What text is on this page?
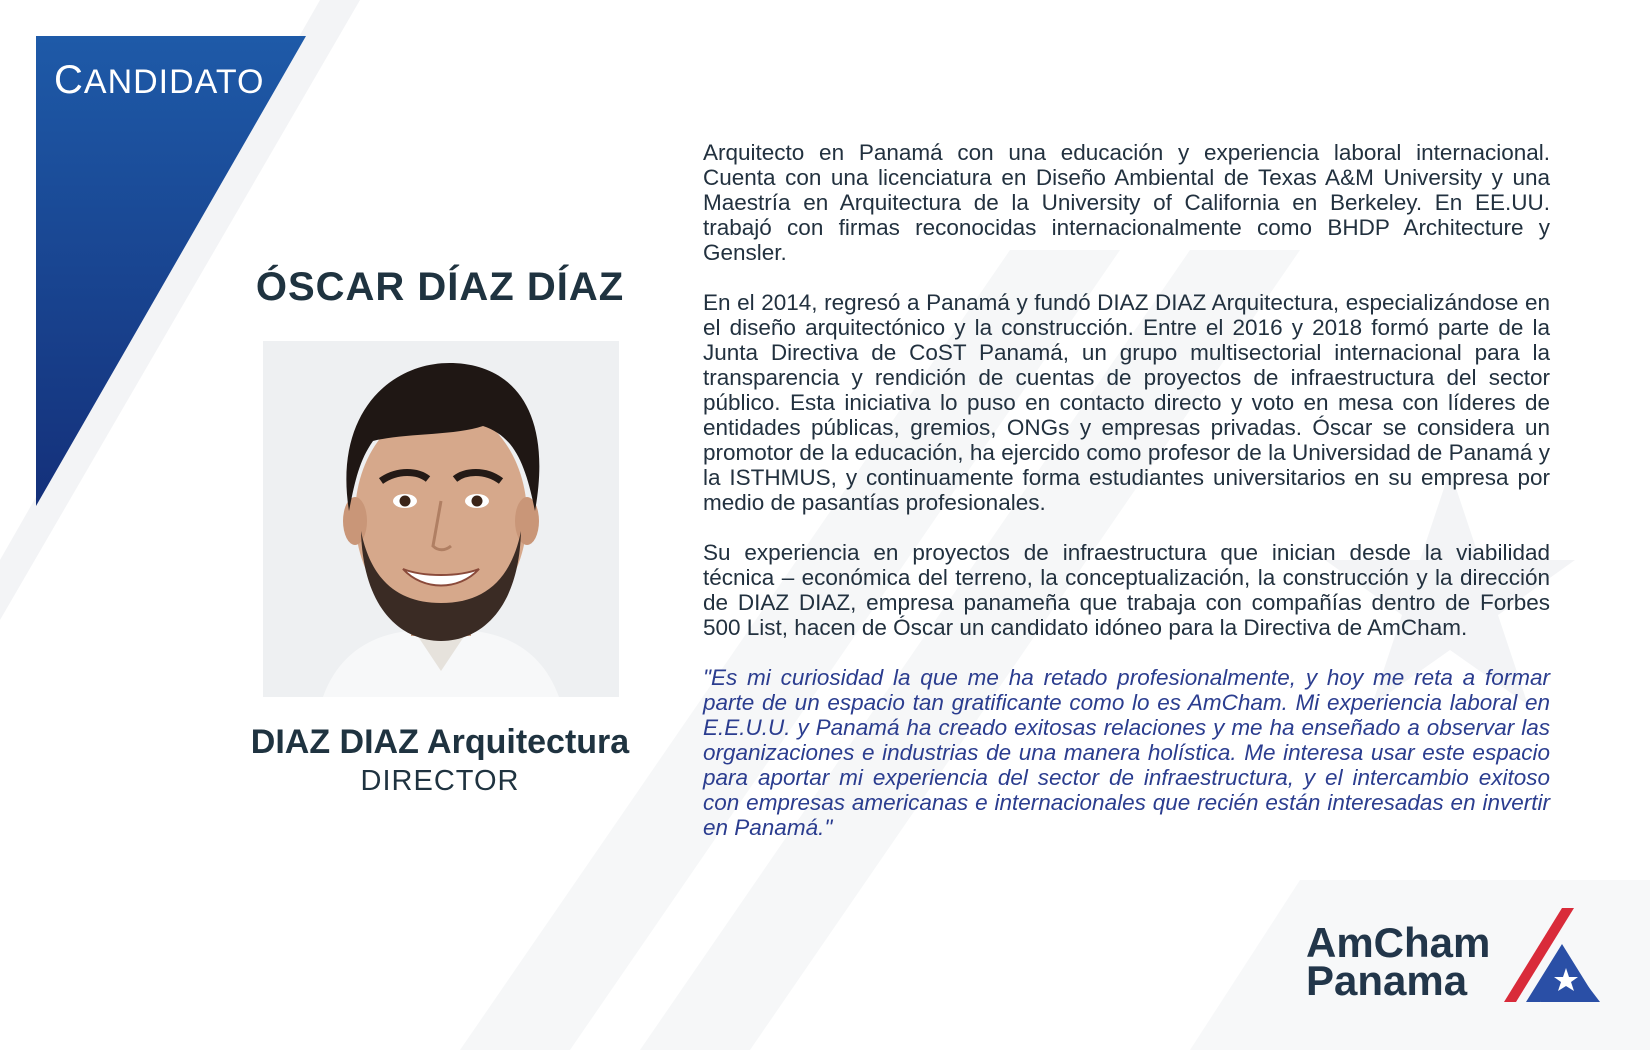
CANDIDATO
ÓSCAR DÍAZ DÍAZ
DIAZ DIAZ Arquitectura
DIRECTOR

Arquitecto en Panamá con una educación y experiencia laboral internacional. Cuenta con una licenciatura en Diseño Ambiental de Texas A&M University y una Maestría en Arquitectura de la University of California en Berkeley. En EE.UU. trabajó con firmas reconocidas internacionalmente como BHDP Architecture y Gensler.

En el 2014, regresó a Panamá y fundó DIAZ DIAZ Arquitectura, especializándose en el diseño arquitectónico y la construcción. Entre el 2016 y 2018 formó parte de la Junta Directiva de CoST Panamá, un grupo multisectorial internacional para la transparencia y rendición de cuentas de proyectos de infraestructura del sector público. Esta iniciativa lo puso en contacto directo y voto en mesa con líderes de entidades públicas, gremios, ONGs y empresas privadas. Óscar se considera un promotor de la educación, ha ejercido como profesor de la Universidad de Panamá y la ISTHMUS, y continuamente forma estudiantes universitarios en su empresa por medio de pasantías profesionales.

Su experiencia en proyectos de infraestructura que inician desde la viabilidad técnica – económica del terreno, la conceptualización, la construcción y la dirección de DIAZ DIAZ, empresa panameña que trabaja con compañías dentro de Forbes 500 List, hacen de Óscar un candidato idóneo para la Directiva de AmCham.

"Es mi curiosidad la que me ha retado profesionalmente, y hoy me reta a formar parte de un espacio tan gratificante como lo es AmCham. Mi experiencia laboral en E.E.U.U. y Panamá ha creado exitosas relaciones y me ha enseñado a observar las organizaciones e industrias de una manera holística. Me interesa usar este espacio para aportar mi experiencia del sector de infraestructura, y el intercambio exitoso con empresas americanas e internacionales que recién están interesadas en invertir en Panamá."

AmCham
Panama
